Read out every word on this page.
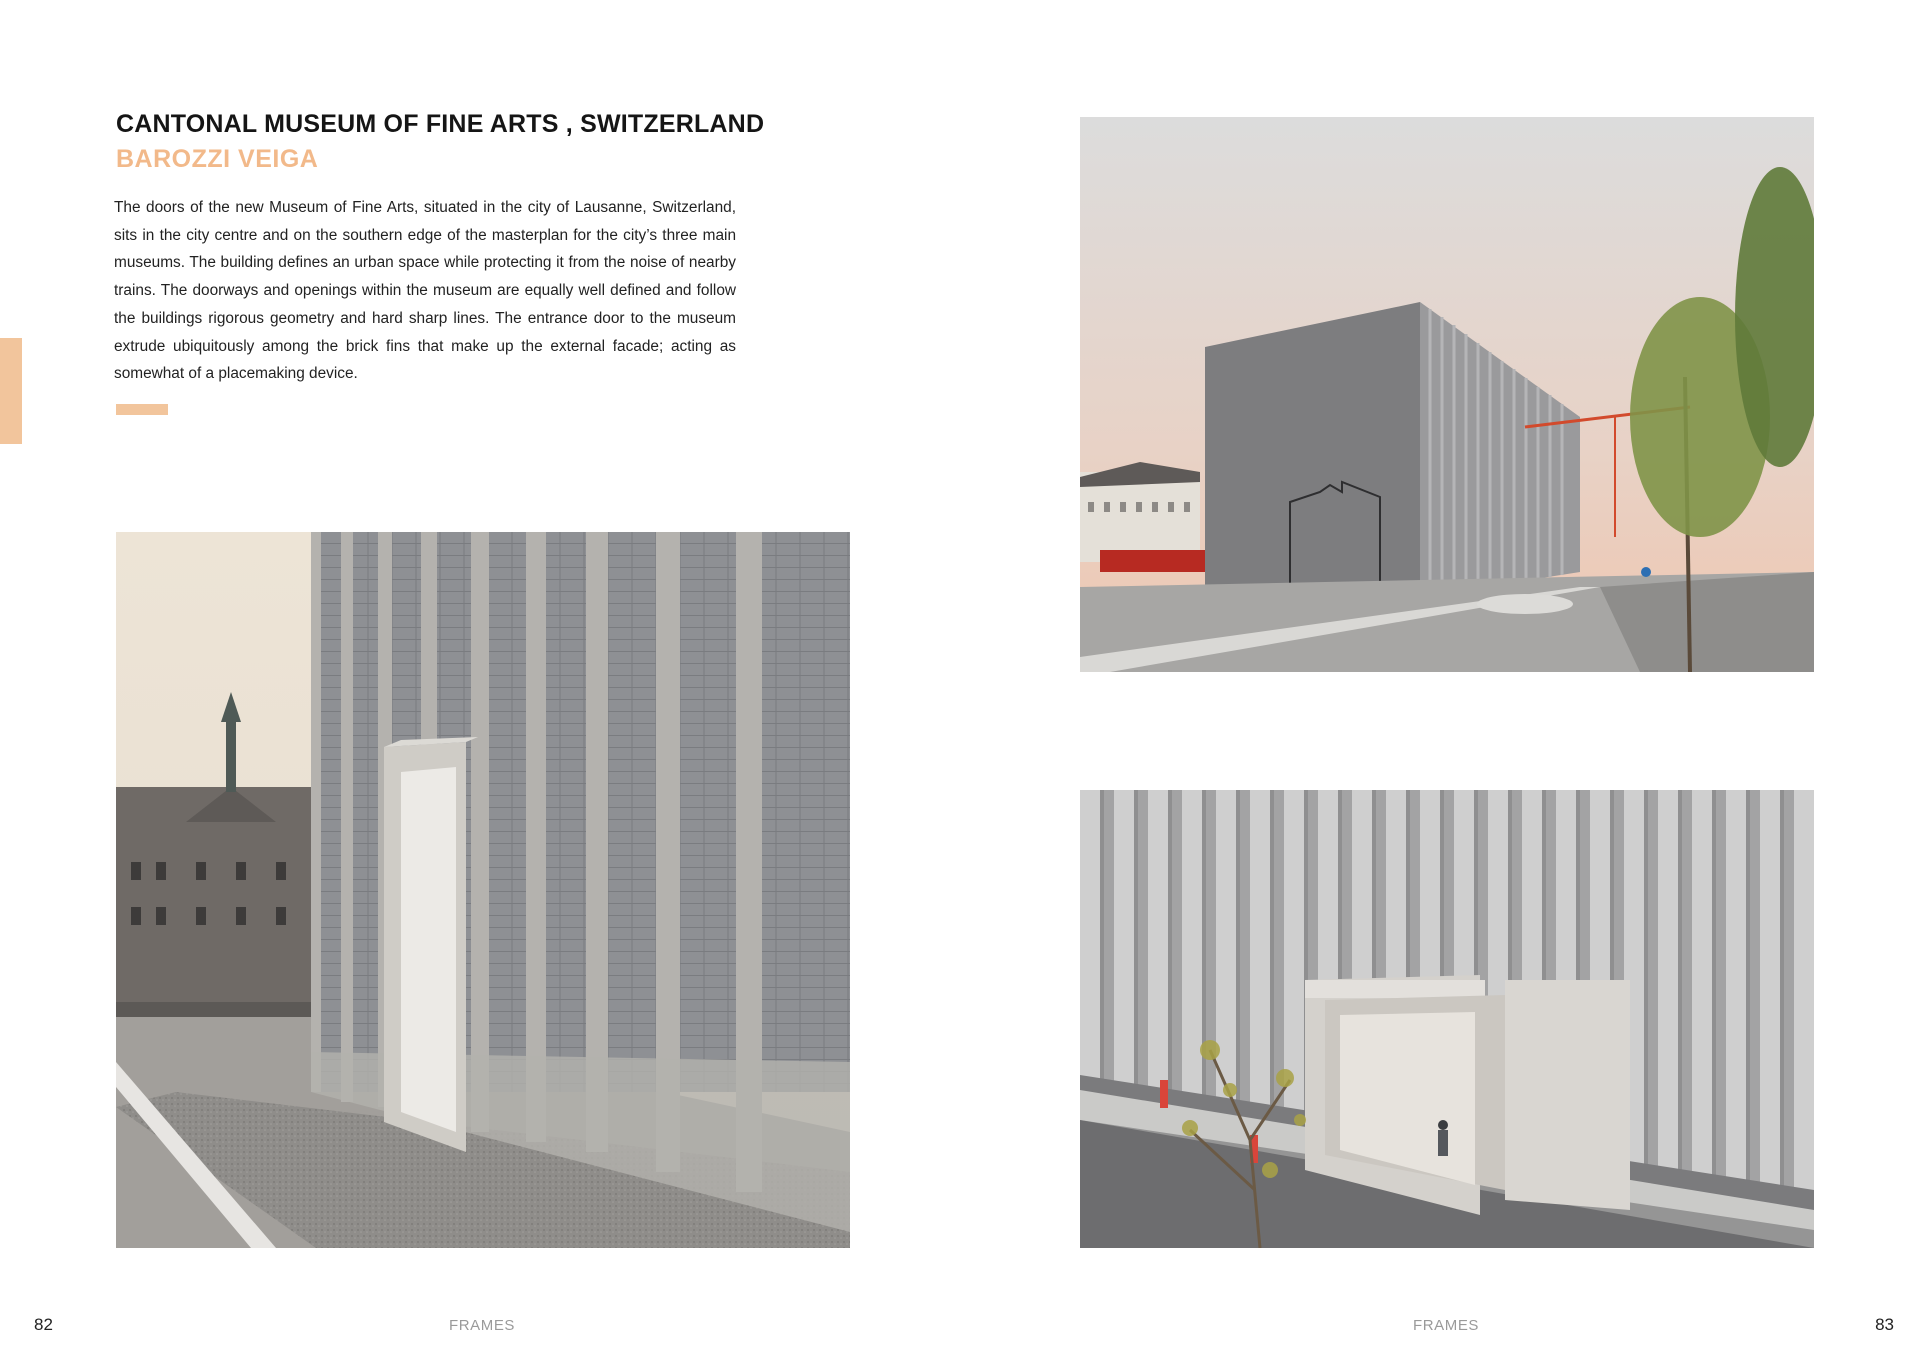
CANTONAL MUSEUM OF FINE ARTS , SWITZERLAND
BAROZZI VEIGA

The doors of the new Museum of Fine Arts, situated in the city of Lausanne, Switzerland, sits in the city centre and on the southern edge of the masterplan for the city’s three main museums. The building defines an urban space while protecting it from the noise of nearby trains. The doorways and openings within the museum are equally well defined and follow the buildings rigorous geometry and hard sharp lines. The entrance door to the museum extrude ubiquitously among the brick fins that make up the external facade; acting as somewhat of a placemaking device.

82	FRAMES	FRAMES	83
